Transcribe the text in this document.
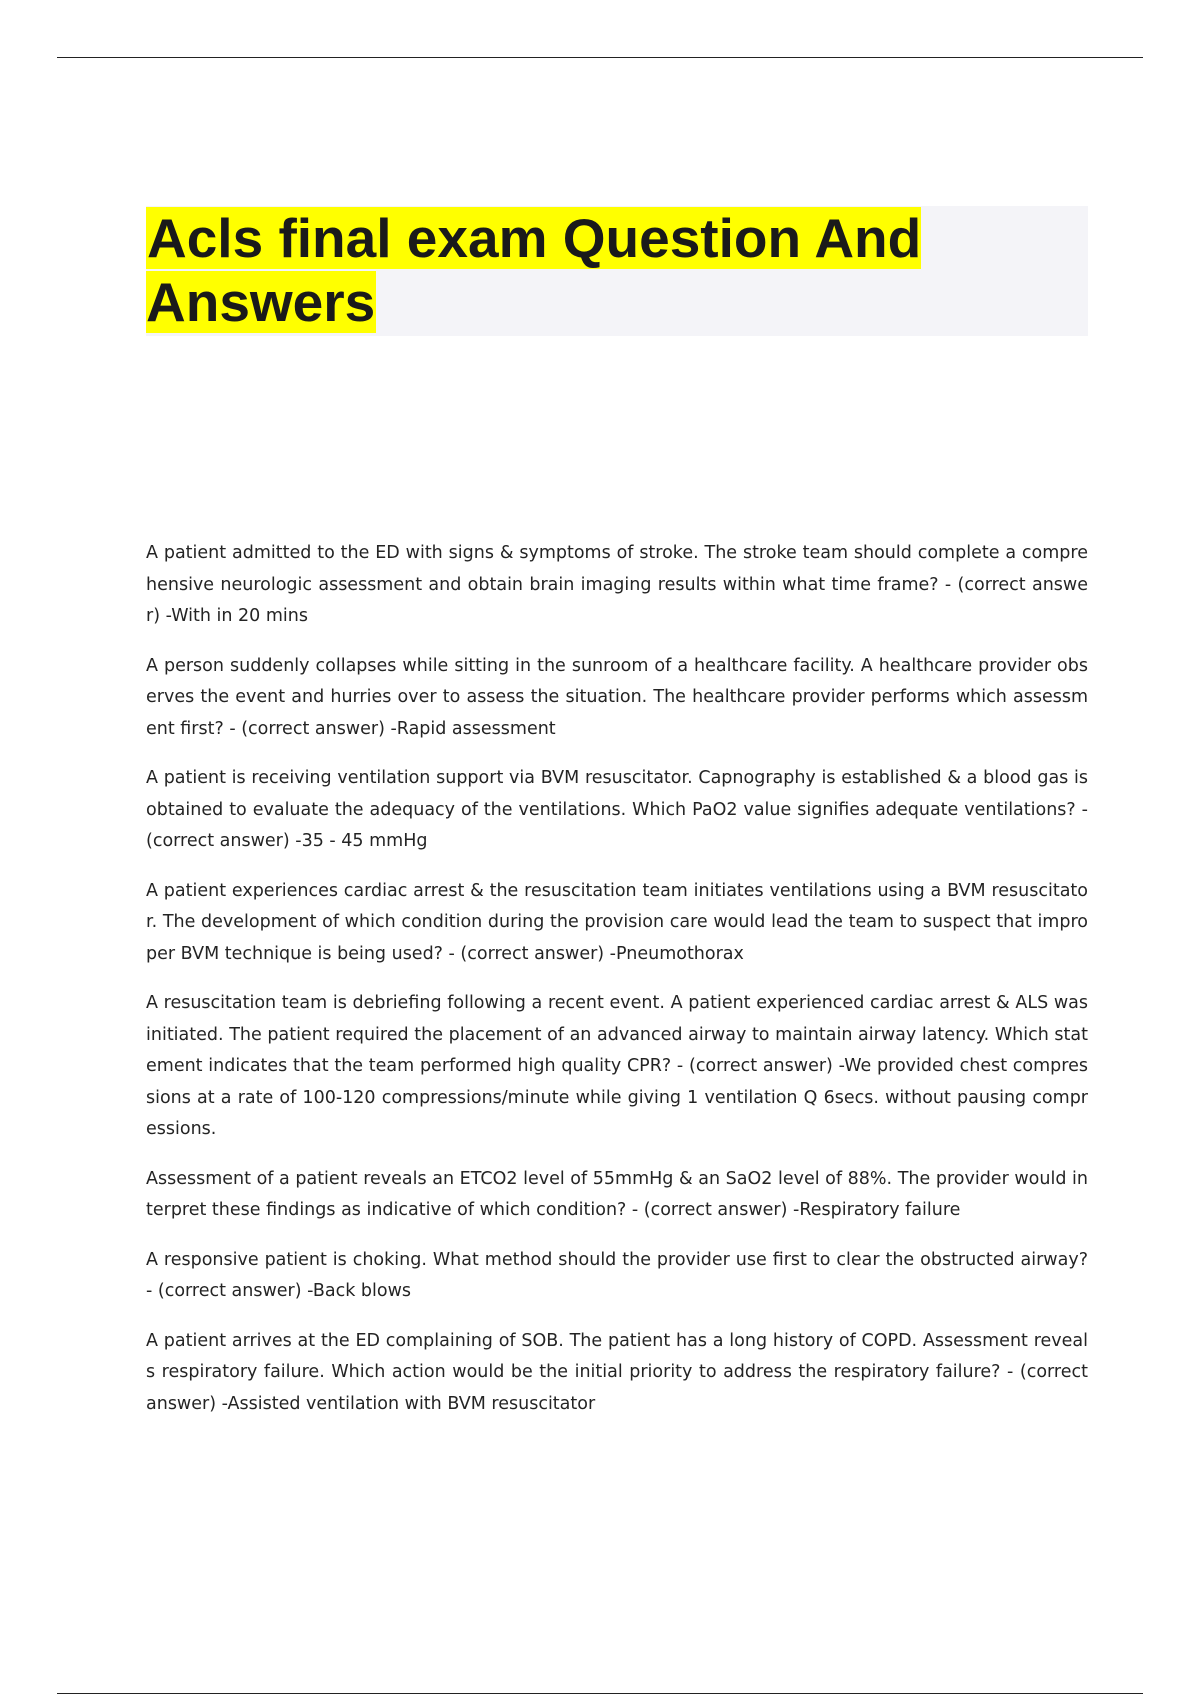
Acls final exam Question And Answers

A patient admitted to the ED with signs & symptoms of stroke. The stroke team should complete a comprehensive neurologic assessment and obtain brain imaging results within what time frame? - (correct answer) -With in 20 mins

A person suddenly collapses while sitting in the sunroom of a healthcare facility. A healthcare provider observes the event and hurries over to assess the situation. The healthcare provider performs which assessment first? - (correct answer) -Rapid assessment

A patient is receiving ventilation support via BVM resuscitator. Capnography is established & a blood gas is obtained to evaluate the adequacy of the ventilations. Which PaO2 value signifies adequate ventilations? - (correct answer) -35 - 45 mmHg

A patient experiences cardiac arrest & the resuscitation team initiates ventilations using a BVM resuscitator. The development of which condition during the provision care would lead the team to suspect that improper BVM technique is being used? - (correct answer) -Pneumothorax

A resuscitation team is debriefing following a recent event. A patient experienced cardiac arrest & ALS was initiated. The patient required the placement of an advanced airway to maintain airway latency. Which statement indicates that the team performed high quality CPR? - (correct answer) -We provided chest compressions at a rate of 100-120 compressions/minute while giving 1 ventilation Q 6secs. without pausing compressions.

Assessment of a patient reveals an ETCO2 level of 55mmHg & an SaO2 level of 88%. The provider would interpret these findings as indicative of which condition? - (correct answer) -Respiratory failure

A responsive patient is choking. What method should the provider use first to clear the obstructed airway? - (correct answer) -Back blows

A patient arrives at the ED complaining of SOB. The patient has a long history of COPD. Assessment reveals respiratory failure. Which action would be the initial priority to address the respiratory failure? - (correct answer) -Assisted ventilation with BVM resuscitator
